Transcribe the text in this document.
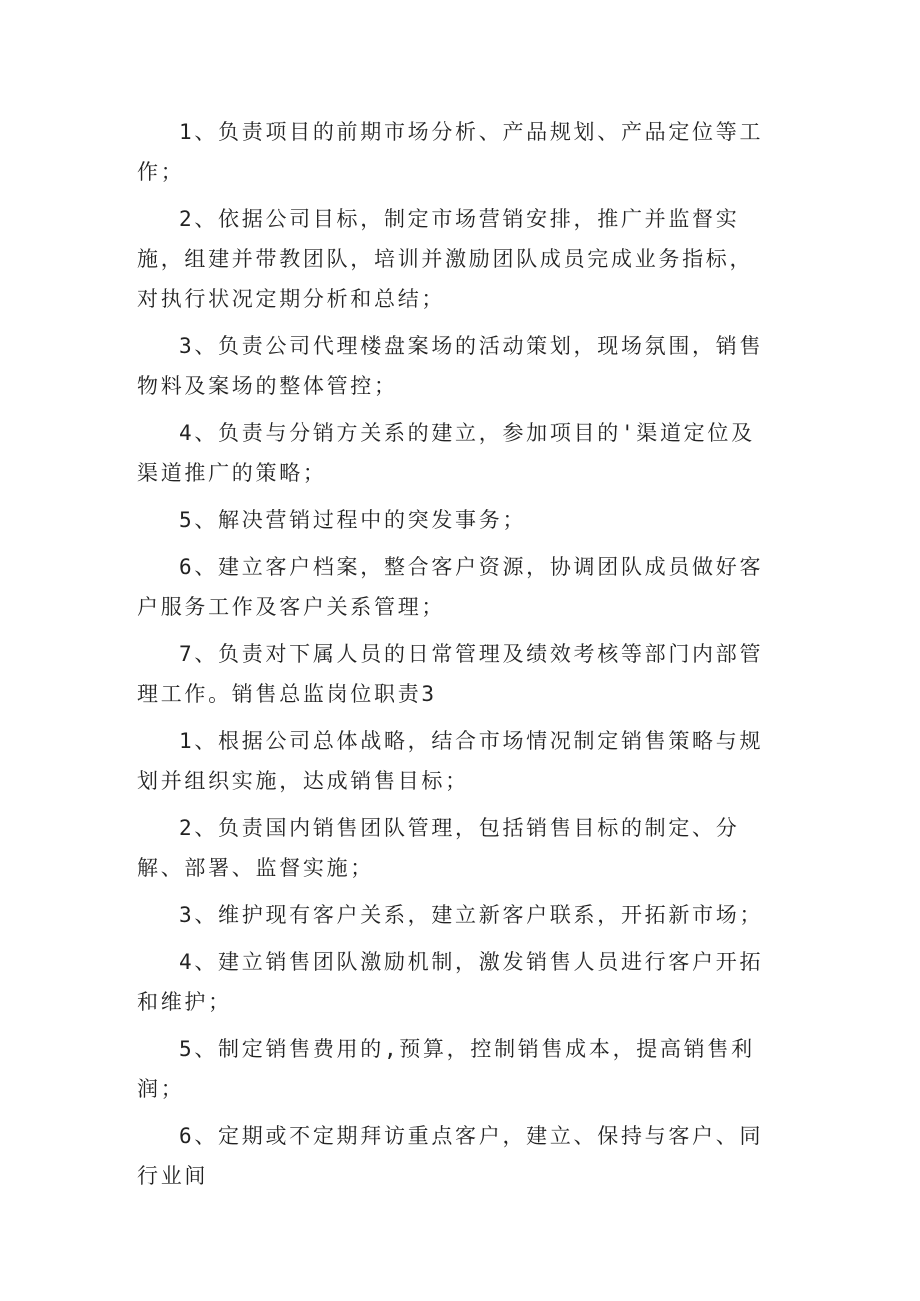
1、负责项目的前期市场分析、产品规划、产品定位等工作；

2、依据公司目标，制定市场营销安排，推广并监督实施，组建并带教团队，培训并激励团队成员完成业务指标，对执行状况定期分析和总结；

3、负责公司代理楼盘案场的活动策划，现场氛围，销售物料及案场的整体管控；

4、负责与分销方关系的建立，参加项目的'渠道定位及渠道推广的策略；

5、解决营销过程中的突发事务；

6、建立客户档案，整合客户资源，协调团队成员做好客户服务工作及客户关系管理；

7、负责对下属人员的日常管理及绩效考核等部门内部管理工作。销售总监岗位职责3

1、根据公司总体战略，结合市场情况制定销售策略与规划并组织实施，达成销售目标；

2、负责国内销售团队管理，包括销售目标的制定、分解、部署、监督实施；

3、维护现有客户关系，建立新客户联系，开拓新市场；

4、建立销售团队激励机制，激发销售人员进行客户开拓和维护；

5、制定销售费用的,预算，控制销售成本，提高销售利润；

6、定期或不定期拜访重点客户，建立、保持与客户、同行业间
